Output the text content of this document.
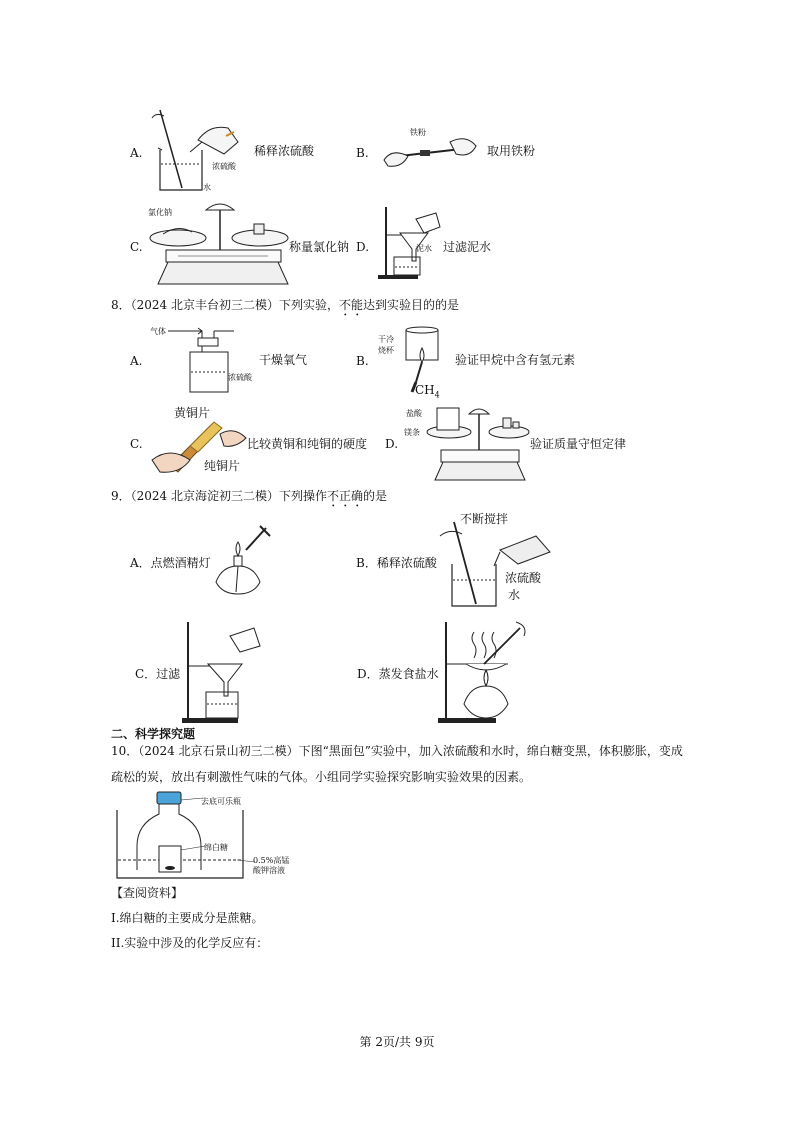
A.	稀释浓硫酸
浓硫酸
水
B.
铁粉
取用铁粉
氯化钠
C.	称量氯化钠 D.	泥水 过滤泥水
8．（2024 北京丰台初三二模）下列实验，不能达到实验目的的是
A.
气体
浓硫酸
干燥氧气	B.
干冷
烧杯
$CH_4$
验证甲烷中含有氢元素
C.
黄铜片
纯铜片
比较黄铜和纯铜的硬度 D.
盐酸
镁条
验证质量守恒定律
9．（2024 北京海淀初三二模）下列操作不正确的是
A．点燃酒精灯	B．稀释浓硫酸
不断搅拌
浓硫酸
水
C．过滤	D．蒸发食盐水
二、科学探究题
10．（2024 北京石景山初三二模）下图“黑面包”实验中，加入浓硫酸和水时，绵白糖变黑，体积膨胀，变成
疏松的炭，放出有刺激性气味的气体。小组同学实验探究影响实验效果的因素。
去底可乐瓶
绵白糖
0.5%高锰
酸钾溶液
【查阅资料】
I.绵白糖的主要成分是蔗糖。
II.实验中涉及的化学反应有：
第 2页/共 9页
